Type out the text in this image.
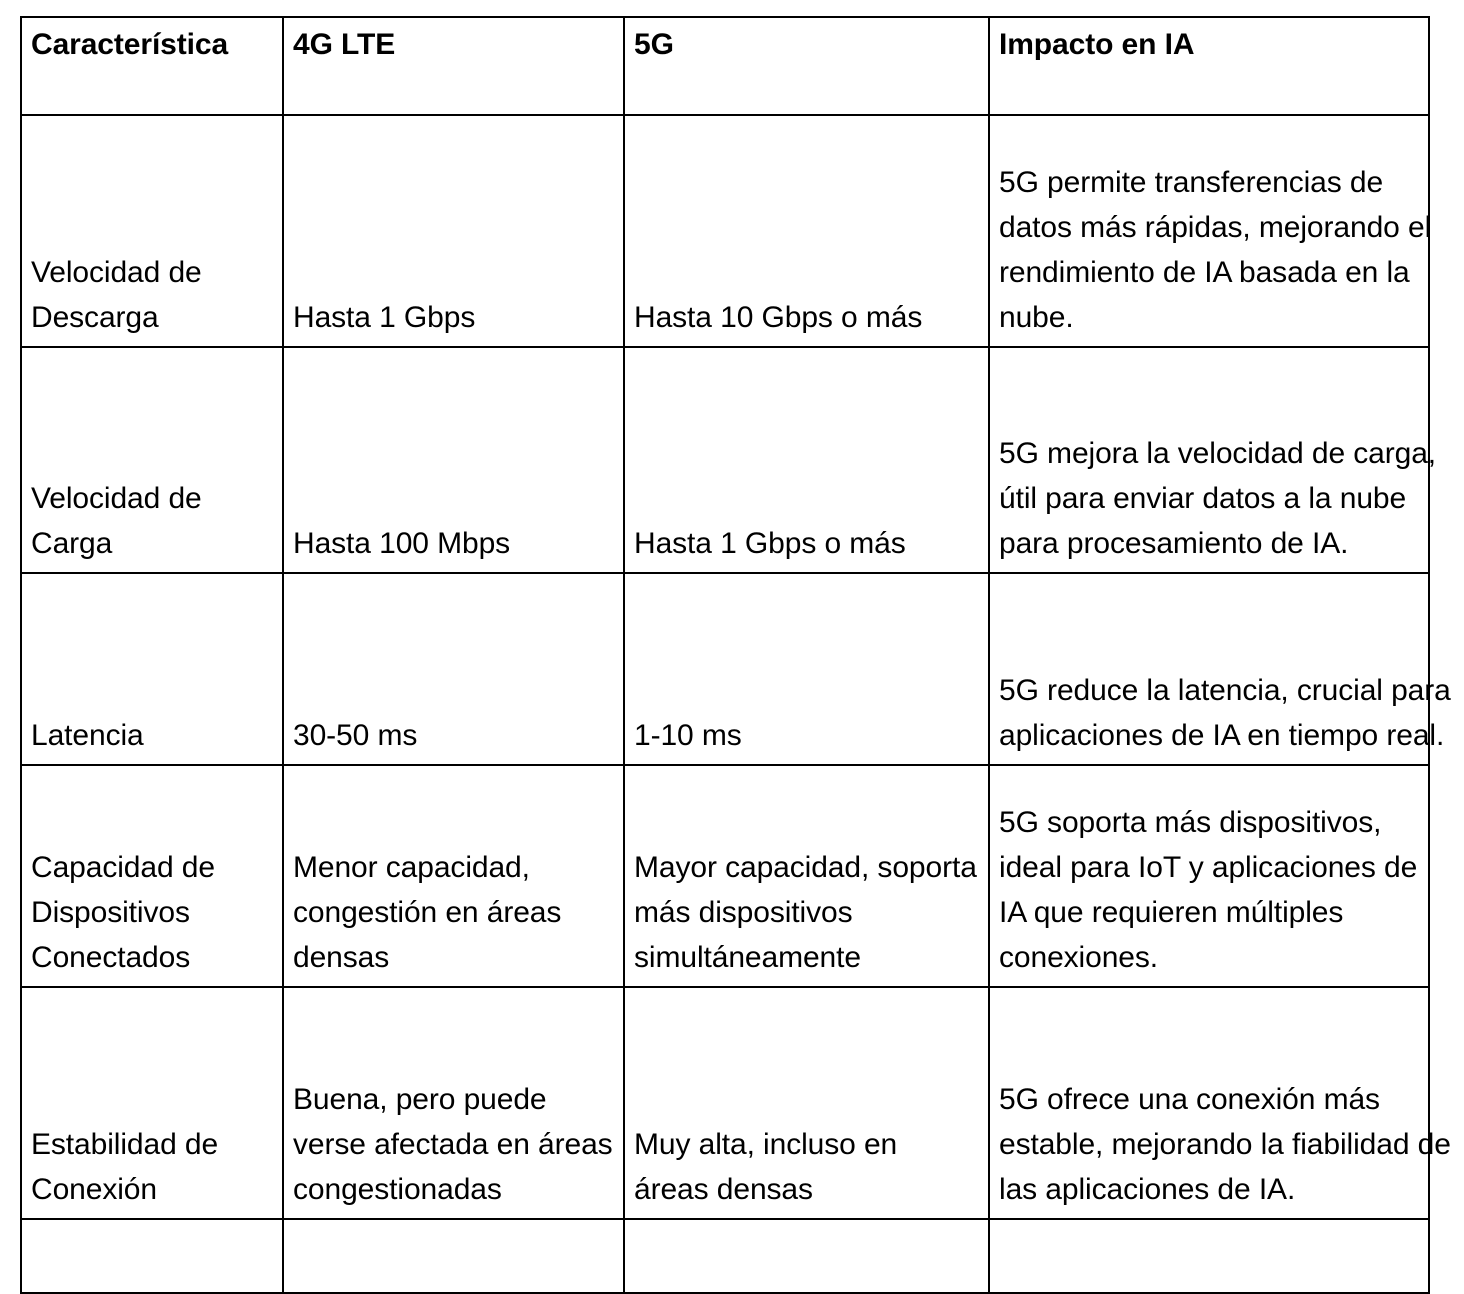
Característica	4G LTE	5G	Impacto en IA
Velocidad de Descarga	Hasta 1 Gbps	Hasta 10 Gbps o más	5G permite transferencias de datos más rápidas, mejorando el rendimiento de IA basada en la nube.

Velocidad de Carga	Hasta 100 Mbps	Hasta 1 Gbps o más	5G mejora la velocidad de carga, útil para enviar datos a la nube para procesamiento de IA.

Latencia	30-50 ms	1-10 ms	5G reduce la latencia, crucial para aplicaciones de IA en tiempo real.

Capacidad de Dispositivos Conectados	Menor capacidad, congestión en áreas densas	Mayor capacidad, soporta más dispositivos simultáneamente	5G soporta más dispositivos, ideal para IoT y aplicaciones de IA que requieren múltiples conexiones.

Estabilidad de Conexión	Buena, pero puede verse afectada en áreas congestionadas	Muy alta, incluso en áreas densas	5G ofrece una conexión más estable, mejorando la fiabilidad de las aplicaciones de IA.
